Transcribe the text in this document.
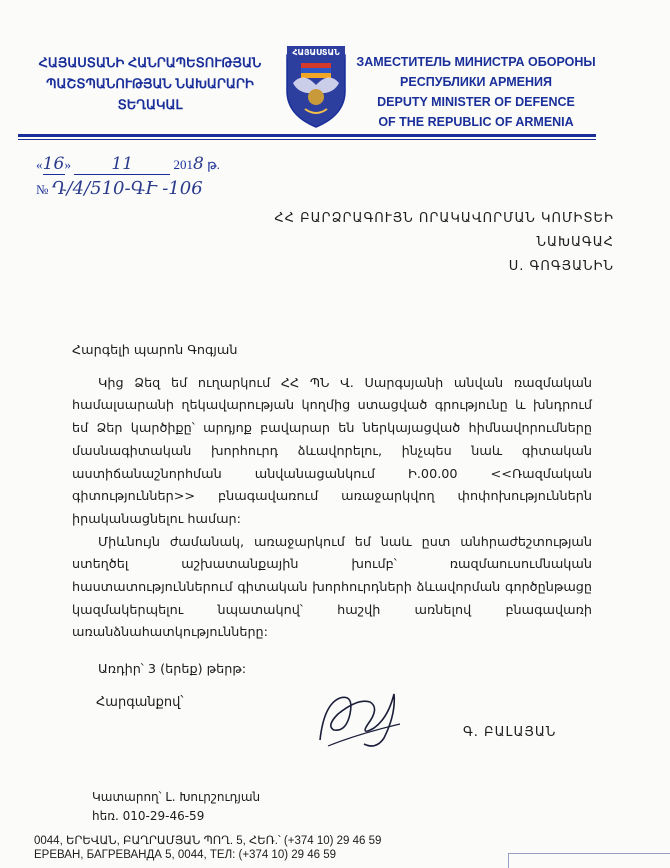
ՀԱՅԱՍՏԱՆԻ ՀԱՆՐԱՊԵՏՈՒԹՅԱՆ
ՊԱՇՏՊԱՆՈՒԹՅԱՆ ՆԱԽԱՐԱՐԻ
ՏԵՂԱԿԱԼ
ՀԱՅԱՍՏԱՆ
ЗАМЕСТИТЕЛЬ МИНИСТРА ОБОРОНЫ
РЕСПУБЛИКИ АРМЕНИЯ
DEPUTY MINISTER OF DEFENCE
OF THE REPUBLIC OF ARMENIA
«16» 11	2018 թ.
№ Դ/4/510-ԳՒ -106
ՀՀ ԲԱՐՁՐԱԳՈՒՅՆ ՈՐԱԿԱՎՈՐՄԱՆ ԿՈՄԻՏԵԻ ՆԱԽԱԳԱՀ
Ս. ԳՈԳՅԱՆԻՆ

Հարգելի պարոն Գոգյան

Կից Ձեզ եմ ուղարկում ՀՀ ՊՆ Վ. Սարգսյանի անվան ռազմական համալսարանի ղեկավարության կողմից ստացված գրությունը և խնդրում եմ Ձեր կարծիքը՝ արդյոք բավարար են ներկայացված հիմնավորումները մասնագիտական խորհուրդ ձևավորելու, ինչպես նաև գիտական աստիճանաշնորհման անվանացանկում Ի.00.00 <<Ռազմական գիտություններ>> բնագավառում առաջարկվող փոփոխություններն իրականացնելու համար:

Միևնույն ժամանակ, առաջարկում եմ նաև ըստ անհրաժեշտության ստեղծել աշխատանքային խումբ՝ ռազմաուսումնական հաստատություններում գիտական խորհուրդների ձևավորման գործընթացը կազմակերպելու նպատակով՝ հաշվի առնելով բնագավառի առանձնահատկությունները:

Առդիր՝ 3 (երեք) թերթ:

Հարգանքով՝
Գ. ԲԱԼԱՅԱՆ
Կատարող՝ Լ. Խուրշուդյան
հեռ. 010-29-46-59
0044, ԵՐԵՎԱՆ, ԲԱՂՐԱՄՅԱՆ ՊՈՂ. 5, ՀԵՌ.՝ (+374 10) 29 46 59
ЕРЕВАН, БАГРЕВАНДА 5, 0044, ТЕЛ: (+374 10) 29 46 59
